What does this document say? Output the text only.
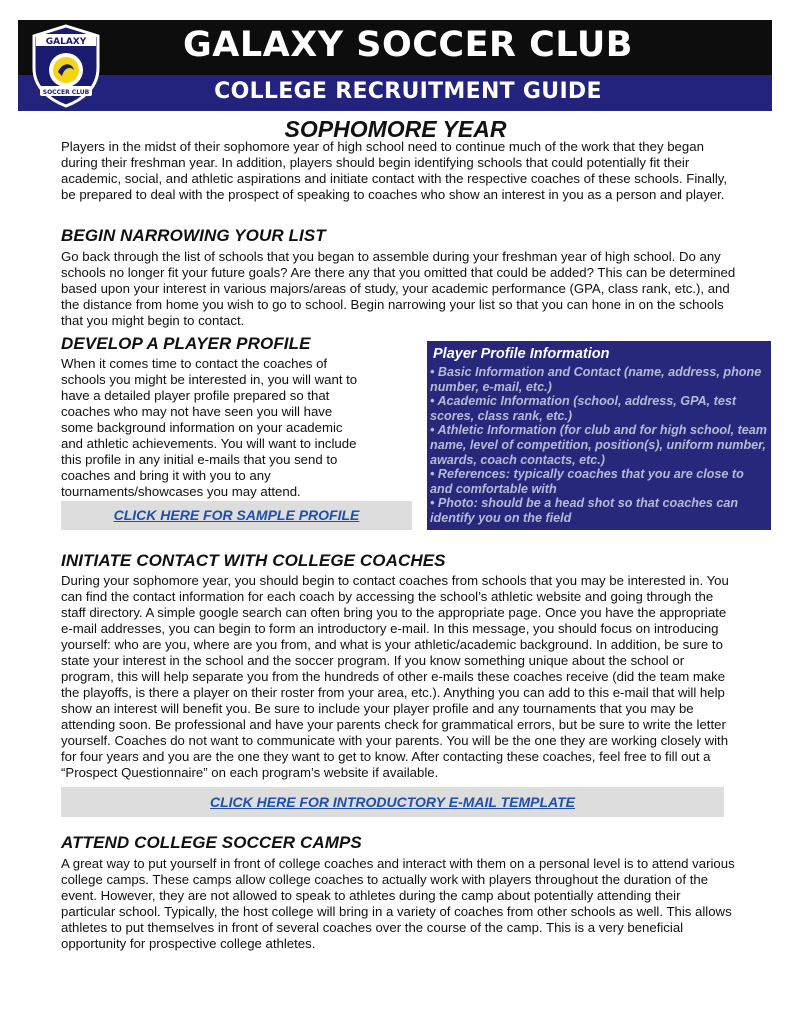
GALAXY
SOCCER CLUB
GALAXY SOCCER CLUB
COLLEGE RECRUITMENT GUIDE
SOPHOMORE YEAR

Players in the midst of their sophomore year of high school need to continue much of the work that they began during their freshman year. In addition, players should begin identifying schools that could potentially fit their academic, social, and athletic aspirations and initiate contact with the respective coaches of these schools. Finally, be prepared to deal with the prospect of speaking to coaches who show an interest in you as a person and player.

BEGIN NARROWING YOUR LIST

Go back through the list of schools that you began to assemble during your freshman year of high school. Do any schools no longer fit your future goals? Are there any that you omitted that could be added? This can be determined based upon your interest in various majors/areas of study, your academic performance (GPA, class rank, etc.), and the distance from home you wish to go to school. Begin narrowing your list so that you can hone in on the schools that you might begin to contact.

DEVELOP A PLAYER PROFILE

When it comes time to contact the coaches of schools you might be interested in, you will want to have a detailed player profile prepared so that coaches who may not have seen you will have some background information on your academic and athletic achievements. You will want to include this profile in any initial e-mails that you send to coaches and bring it with you to any tournaments/showcases you may attend.

CLICK HERE FOR SAMPLE PROFILE
Player Profile Information
• Basic Information and Contact (name, address, phone number, e-mail, etc.)
• Academic Information (school, address, GPA, test scores, class rank, etc.)
• Athletic Information (for club and for high school, team name, level of competition, position(s), uniform number, awards, coach contacts, etc.)
• References: typically coaches that you are close to and comfortable with
• Photo: should be a head shot so that coaches can identify you on the field
INITIATE CONTACT WITH COLLEGE COACHES

During your sophomore year, you should begin to contact coaches from schools that you may be interested in. You can find the contact information for each coach by accessing the school’s athletic website and going through the staff directory. A simple google search can often bring you to the appropriate page. Once you have the appropriate e-mail addresses, you can begin to form an introductory e-mail. In this message, you should focus on introducing yourself: who are you, where are you from, and what is your athletic/academic background. In addition, be sure to state your interest in the school and the soccer program. If you know something unique about the school or program, this will help separate you from the hundreds of other e-mails these coaches receive (did the team make the playoffs, is there a player on their roster from your area, etc.). Anything you can add to this e-mail that will help show an interest will benefit you. Be sure to include your player profile and any tournaments that you may be attending soon. Be professional and have your parents check for grammatical errors, but be sure to write the letter yourself. Coaches do not want to communicate with your parents. You will be the one they are working closely with for four years and you are the one they want to get to know. After contacting these coaches, feel free to fill out a “Prospect Questionnaire” on each program’s website if available.

CLICK HERE FOR INTRODUCTORY E-MAIL TEMPLATE
ATTEND COLLEGE SOCCER CAMPS

A great way to put yourself in front of college coaches and interact with them on a personal level is to attend various college camps. These camps allow college coaches to actually work with players throughout the duration of the event. However, they are not allowed to speak to athletes during the camp about potentially attending their particular school. Typically, the host college will bring in a variety of coaches from other schools as well. This allows athletes to put themselves in front of several coaches over the course of the camp. This is a very beneficial opportunity for prospective college athletes.
